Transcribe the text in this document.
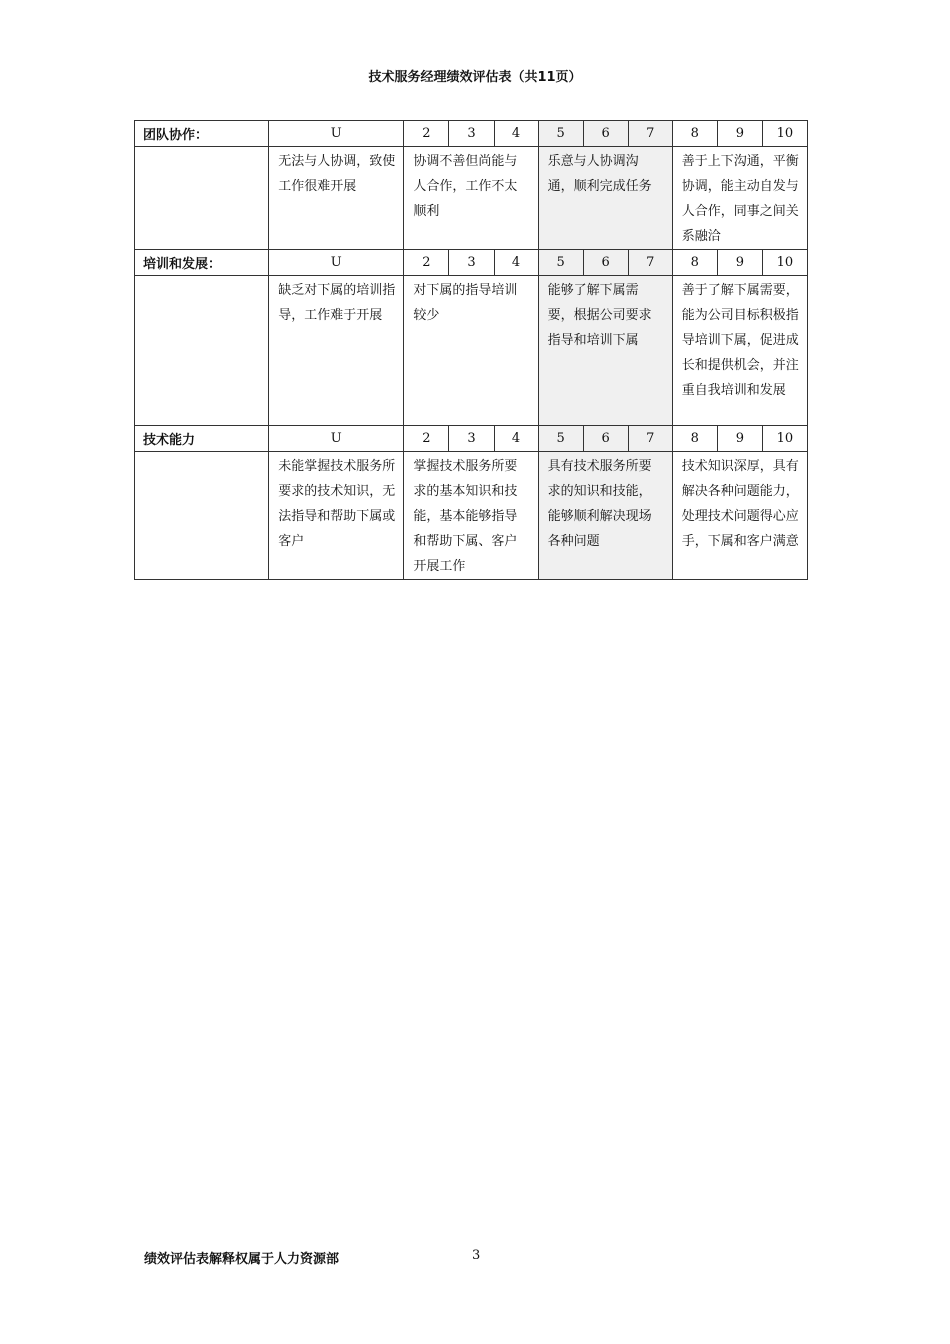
技术服务经理绩效评估表（共11页）
团队协作：	U	2	3	4	5	6	7	8	9	10
	无法与人协调，致使工作很难开展	协调不善但尚能与人合作，工作不太顺利			乐意与人协调沟通，顺利完成任务			善于上下沟通，平衡协调，能主动自发与人合作，同事之间关系融洽		
培训和发展：	U	2	3	4	5	6	7	8	9	10
	缺乏对下属的培训指导，工作难于开展	对下属的指导培训较少			能够了解下属需要，根据公司要求指导和培训下属			善于了解下属需要，能为公司目标积极指导培训下属，促进成长和提供机会，并注重自我培训和发展		
技术能力	U	2	3	4	5	6	7	8	9	10
	未能掌握技术服务所要求的技术知识，无法指导和帮助下属或客户	掌握技术服务所要求的基本知识和技能，基本能够指导和帮助下属、客户开展工作			具有技术服务所要求的知识和技能，能够顺利解决现场各种问题			技术知识深厚，具有解决各种问题能力，处理技术问题得心应手，下属和客户满意		
绩效评估表解释权属于人力资源部	3
